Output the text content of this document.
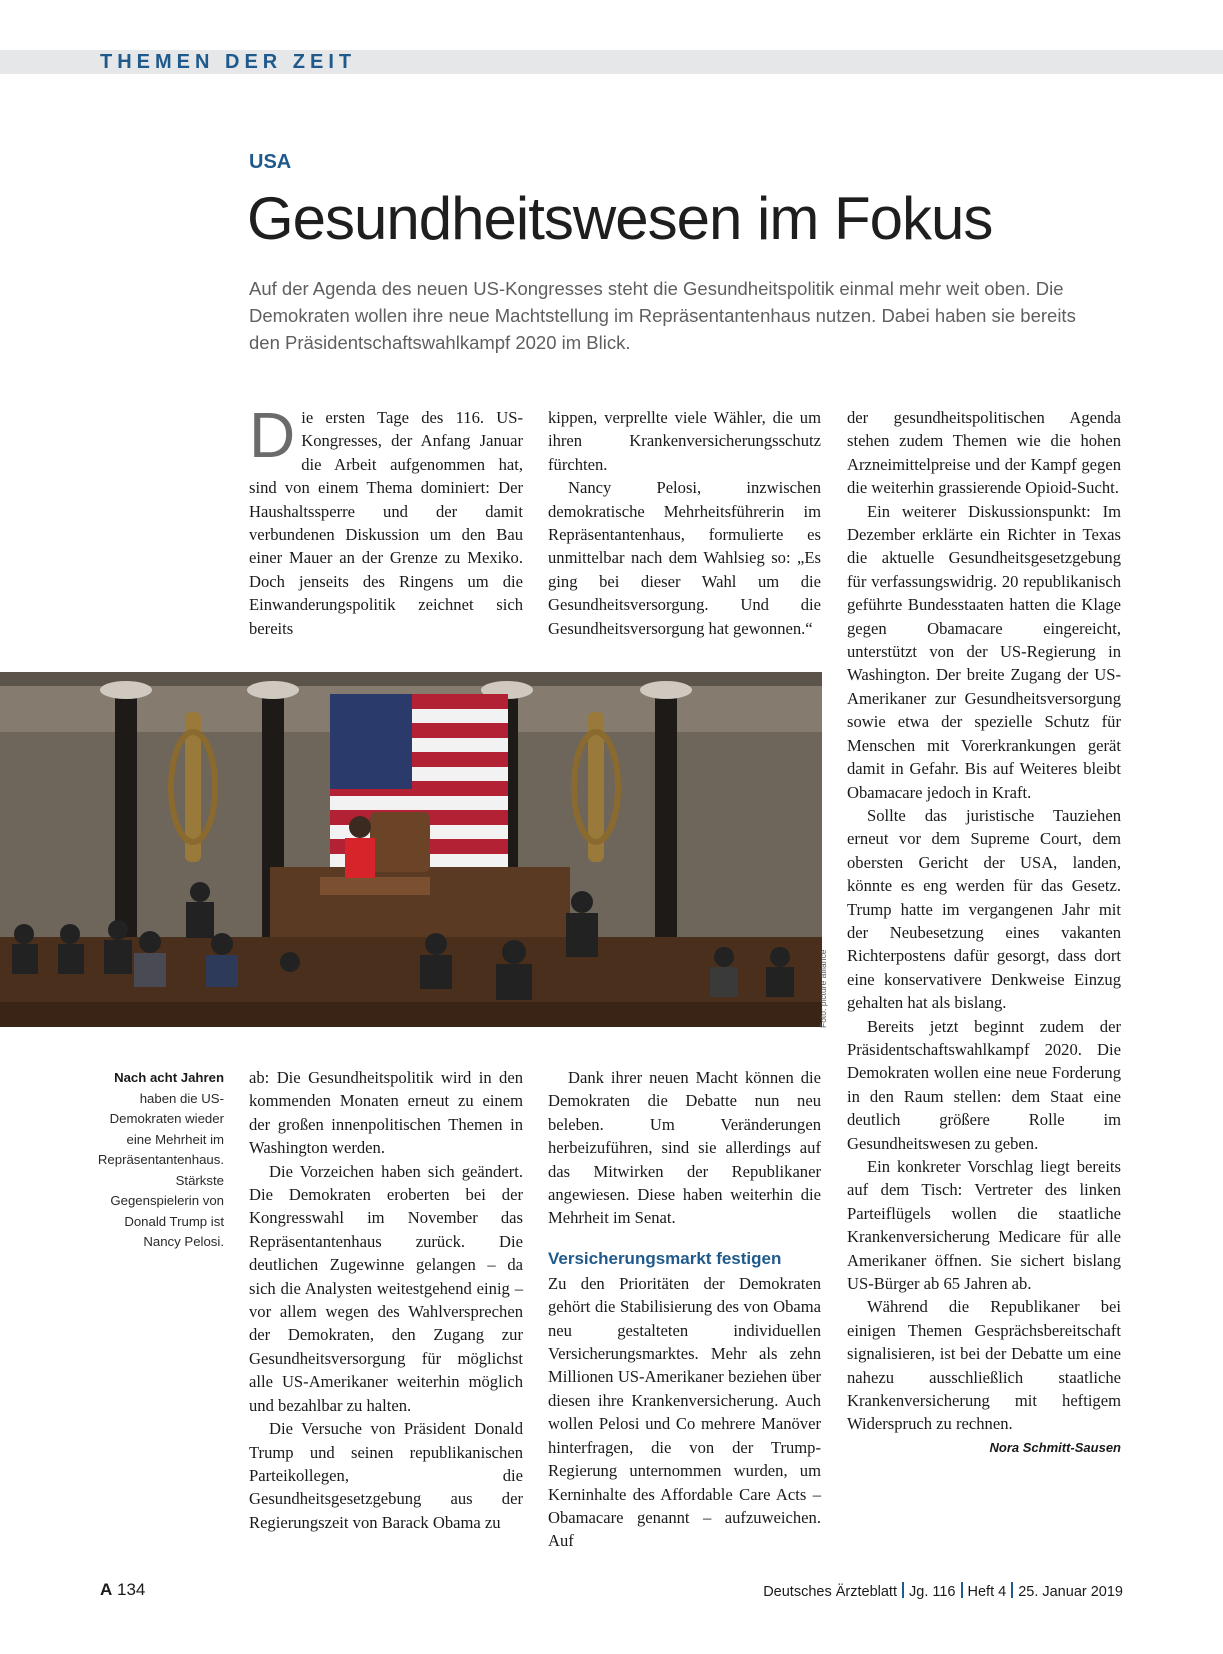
THEMEN DER ZEIT
USA
Gesundheitswesen im Fokus

Auf der Agenda des neuen US-Kongresses steht die Gesundheitspolitik einmal mehr weit oben. Die Demokraten wollen ihre neue Machtstellung im Repräsentantenhaus nutzen. Dabei haben sie bereits den Präsidentschaftswahlkampf 2020 im Blick.

Die ersten Tage des 116. US-Kongresses, der Anfang Januar die Arbeit aufgenommen hat, sind von einem Thema dominiert: Der Haushaltssperre und der damit verbundenen Diskussion um den Bau einer Mauer an der Grenze zu Mexiko. Doch jenseits des Ringens um die Einwanderungspolitik zeichnet sich bereits

kippen, verprellte viele Wähler, die um ihren Krankenversicherungsschutz fürchten.

Nancy Pelosi, inzwischen demokratische Mehrheitsführerin im Repräsentantenhaus, formulierte es unmittelbar nach dem Wahlsieg so: „Es ging bei dieser Wahl um die Gesundheitsversorgung. Und die Gesundheitsversorgung hat gewonnen.“

der gesundheitspolitischen Agenda stehen zudem Themen wie die hohen Arzneimittelpreise und der Kampf gegen die weiterhin grassierende Opioid-Sucht.

Ein weiterer Diskussionspunkt: Im Dezember erklärte ein Richter in Texas die aktuelle Gesundheitsgesetzgebung für verfassungswidrig. 20 republikanisch geführte Bundesstaaten hatten die Klage gegen Obamacare eingereicht, unterstützt von der US-Regierung in Washington. Der breite Zugang der US-Amerikaner zur Gesundheitsversorgung sowie etwa der spezielle Schutz für Menschen mit Vorerkrankungen gerät damit in Gefahr. Bis auf Weiteres bleibt Obamacare jedoch in Kraft.

Sollte das juristische Tauziehen erneut vor dem Supreme Court, dem obersten Gericht der USA, landen, könnte es eng werden für das Gesetz. Trump hatte im vergangenen Jahr mit der Neubesetzung eines vakanten Richterpostens dafür gesorgt, dass dort eine konservativere Denkweise Einzug gehalten hat als bislang.

Bereits jetzt beginnt zudem der Präsidentschaftswahlkampf 2020. Die Demokraten wollen eine neue Forderung in den Raum stellen: dem Staat eine deutlich größere Rolle im Gesundheitswesen zu geben.

Ein konkreter Vorschlag liegt bereits auf dem Tisch: Vertreter des linken Parteiflügels wollen die staatliche Krankenversicherung Medicare für alle Amerikaner öffnen. Sie sichert bislang US-Bürger ab 65 Jahren ab.

Während die Republikaner bei einigen Themen Gesprächsbereitschaft signalisieren, ist bei der Debatte um eine nahezu ausschließlich staatliche Krankenversicherung mit heftigem Widerspruch zu rechnen.
Nora Schmitt-Sausen

Foto: picture alliance
Nach acht Jahren
haben die US-Demokraten wieder eine Mehrheit im Repräsentantenhaus. Stärkste Gegenspielerin von Donald Trump ist Nancy Pelosi.

ab: Die Gesundheitspolitik wird in den kommenden Monaten erneut zu einem der großen innenpolitischen Themen in Washington werden.

Die Vorzeichen haben sich geändert. Die Demokraten eroberten bei der Kongresswahl im November das Repräsentantenhaus zurück. Die deutlichen Zugewinne gelangen – da sich die Analysten weitestgehend einig – vor allem wegen des Wahlversprechen der Demokraten, den Zugang zur Gesundheitsversorgung für möglichst alle US-Amerikaner weiterhin möglich und bezahlbar zu halten.

Die Versuche von Präsident Donald Trump und seinen republikanischen Parteikollegen, die Gesundheitsgesetzgebung aus der Regierungszeit von Barack Obama zu

Dank ihrer neuen Macht können die Demokraten die Debatte nun neu beleben. Um Veränderungen herbeizuführen, sind sie allerdings auf das Mitwirken der Republikaner angewiesen. Diese haben weiterhin die Mehrheit im Senat.

Versicherungsmarkt festigen

Zu den Prioritäten der Demokraten gehört die Stabilisierung des von Obama neu gestalteten individuellen Versicherungsmarktes. Mehr als zehn Millionen US-Amerikaner beziehen über diesen ihre Krankenversicherung. Auch wollen Pelosi und Co mehrere Manöver hinterfragen, die von der Trump-Regierung unternommen wurden, um Kerninhalte des Affordable Care Acts – Obamacare genannt – aufzuweichen. Auf

A 134	Deutsches Ärzteblatt Jg. 116 Heft 4 25. Januar 2019
